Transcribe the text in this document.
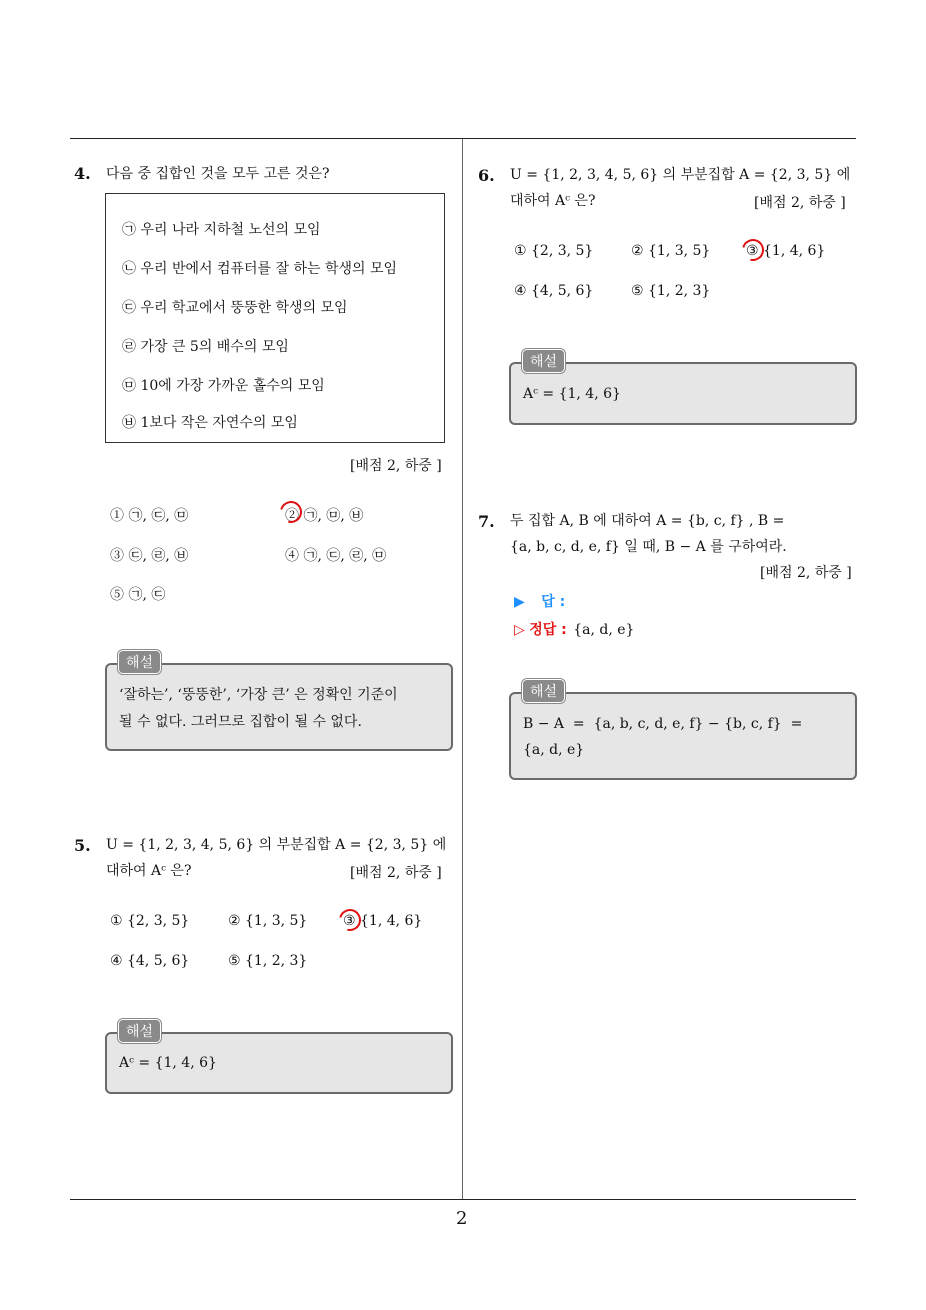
2
4. 다음 중 집합인 것을 모두 고른 것은?
㉠ 우리 나라 지하철 노선의 모임
㉡ 우리 반에서 컴퓨터를 잘 하는 학생의 모임
㉢ 우리 학교에서 뚱뚱한 학생의 모임
㉣ 가장 큰 5의 배수의 모임
㉤ 10에 가장 가까운 홀수의 모임
㉥ 1보다 작은 자연수의 모임
[배점 2, 하중 ]
① ㉠, ㉢, ㉤	② ㉠, ㉤, ㉥
③ ㉢, ㉣, ㉥	④ ㉠, ㉢, ㉣, ㉤
⑤ ㉠, ㉢
‘잘하는’, ‘뚱뚱한’, ‘가장 큰’ 은 정확인 기준이
될 수 없다. 그러므로 집합이 될 수 없다.
해설
5. U = {1, 2, 3, 4, 5, 6} 의 부분집합 A = {2, 3, 5} 에
대하여 Aᶜ 은?	[배점 2, 하중 ]
① {2, 3, 5}	② {1, 3, 5}	③ {1, 4, 6}
④ {4, 5, 6}	⑤ {1, 2, 3}
Aᶜ = {1, 4, 6}
해설
6. U = {1, 2, 3, 4, 5, 6} 의 부분집합 A = {2, 3, 5} 에
대하여 Aᶜ 은?	[배점 2, 하중 ]
① {2, 3, 5}	② {1, 3, 5}	③ {1, 4, 6}
④ {4, 5, 6}	⑤ {1, 2, 3}
Aᶜ = {1, 4, 6}
해설
7. 두 집합 A, B 에 대하여 A = {b, c, f} , B =
{a, b, c, d, e, f} 일 때, B − A 를 구하여라.
[배점 2, 하중 ]
▶ 답 :
▷ 정답 : {a, d, e}
B − A  =  {a, b, c, d, e, f} − {b, c, f}  =
{a, d, e}
해설
